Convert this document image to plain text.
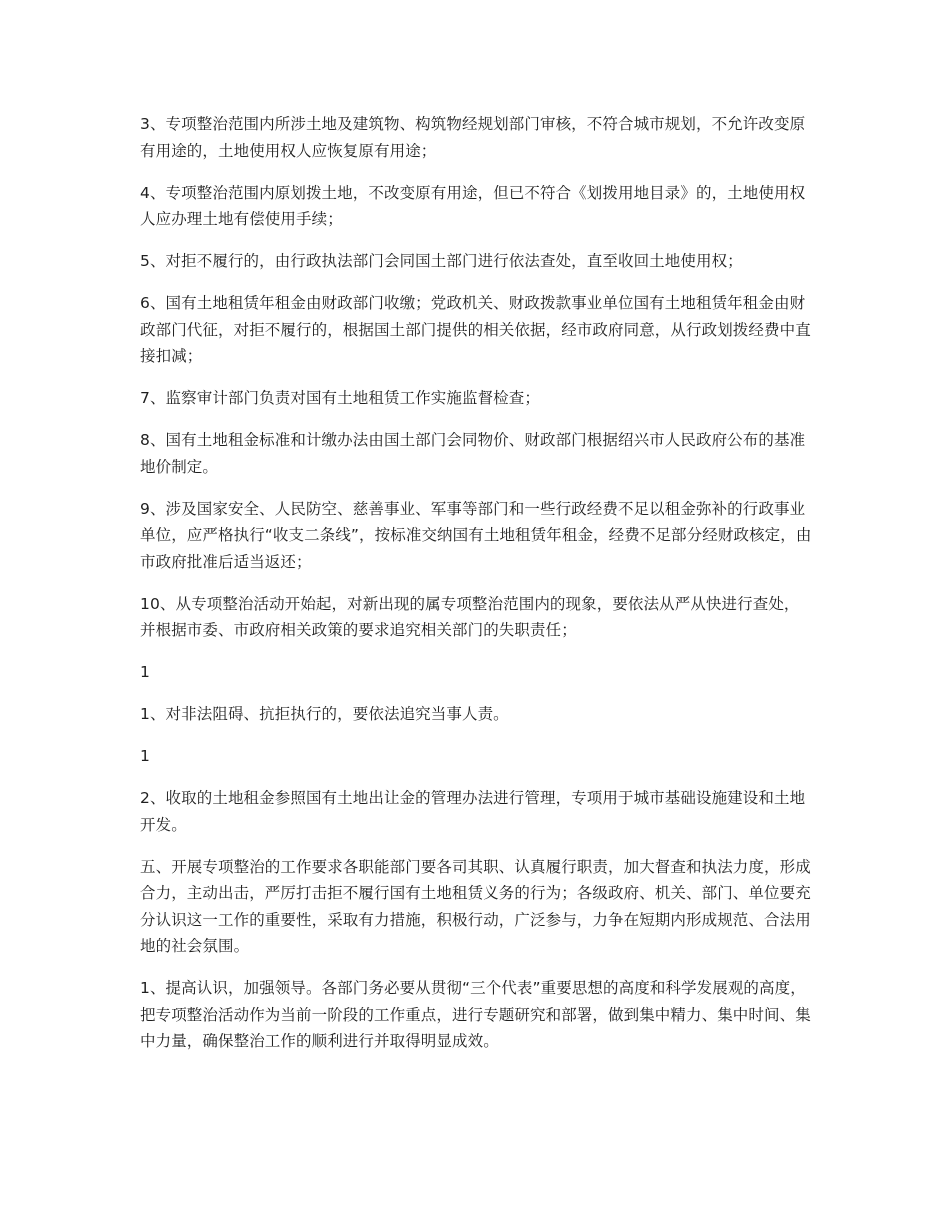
3、专项整治范围内所涉土地及建筑物、构筑物经规划部门审核，不符合城市规划，不允许改变原有用途的，土地使用权人应恢复原有用途；

4、专项整治范围内原划拨土地，不改变原有用途，但已不符合《划拨用地目录》的，土地使用权人应办理土地有偿使用手续；

5、对拒不履行的，由行政执法部门会同国土部门进行依法查处，直至收回土地使用权；

6、国有土地租赁年租金由财政部门收缴；党政机关、财政拨款事业单位国有土地租赁年租金由财政部门代征，对拒不履行的，根据国土部门提供的相关依据，经市政府同意，从行政划拨经费中直接扣减；

7、监察审计部门负责对国有土地租赁工作实施监督检查；

8、国有土地租金标准和计缴办法由国土部门会同物价、财政部门根据绍兴市人民政府公布的基准地价制定。

9、涉及国家安全、人民防空、慈善事业、军事等部门和一些行政经费不足以租金弥补的行政事业单位，应严格执行“收支二条线”，按标准交纳国有土地租赁年租金，经费不足部分经财政核定，由市政府批准后适当返还；

10、从专项整治活动开始起，对新出现的属专项整治范围内的现象，要依法从严从快进行查处，并根据市委、市政府相关政策的要求追究相关部门的失职责任；

1

1、对非法阻碍、抗拒执行的，要依法追究当事人责。

1

2、收取的土地租金参照国有土地出让金的管理办法进行管理，专项用于城市基础设施建设和土地开发。

五、开展专项整治的工作要求各职能部门要各司其职、认真履行职责，加大督查和执法力度，形成合力，主动出击，严厉打击拒不履行国有土地租赁义务的行为；各级政府、机关、部门、单位要充分认识这一工作的重要性，采取有力措施，积极行动，广泛参与，力争在短期内形成规范、合法用地的社会氛围。

1、提高认识，加强领导。各部门务必要从贯彻“三个代表”重要思想的高度和科学发展观的高度，把专项整治活动作为当前一阶段的工作重点，进行专题研究和部署，做到集中精力、集中时间、集中力量，确保整治工作的顺利进行并取得明显成效。
